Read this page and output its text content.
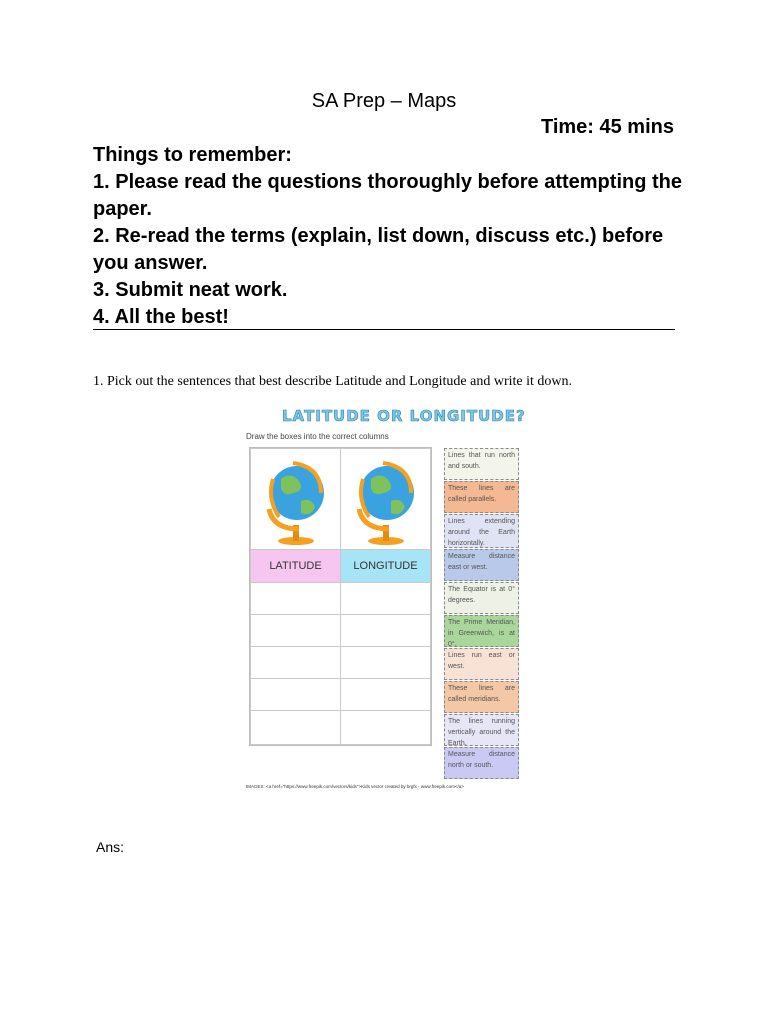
SA Prep – Maps
Time: 45 mins
Things to remember:
1. Please read the questions thoroughly before attempting the paper.
2. Re-read the terms (explain, list down, discuss etc.) before you answer.
3. Submit neat work.
4. All the best!
1. Pick out the sentences that best describe Latitude and Longitude and write it down.
LATITUDE OR LONGITUDE?
Draw the boxes into the correct columns
LATITUDE	LONGITUDE
Lines that run north and south.
These lines are called parallels.
Lines extending around the Earth horizontally.
Measure distance east or west.
The Equator is at 0° degrees.
The Prime Meridian, in Greenwich, is at 0°.
Lines run east or west.
These lines are called meridians.
The lines running vertically around the Earth.
Measure distance north or south.
IMAGES: <a href="https://www.freepik.com/vectors/kids">Kids vector created by brgfx - www.freepik.com</a>
Ans:
